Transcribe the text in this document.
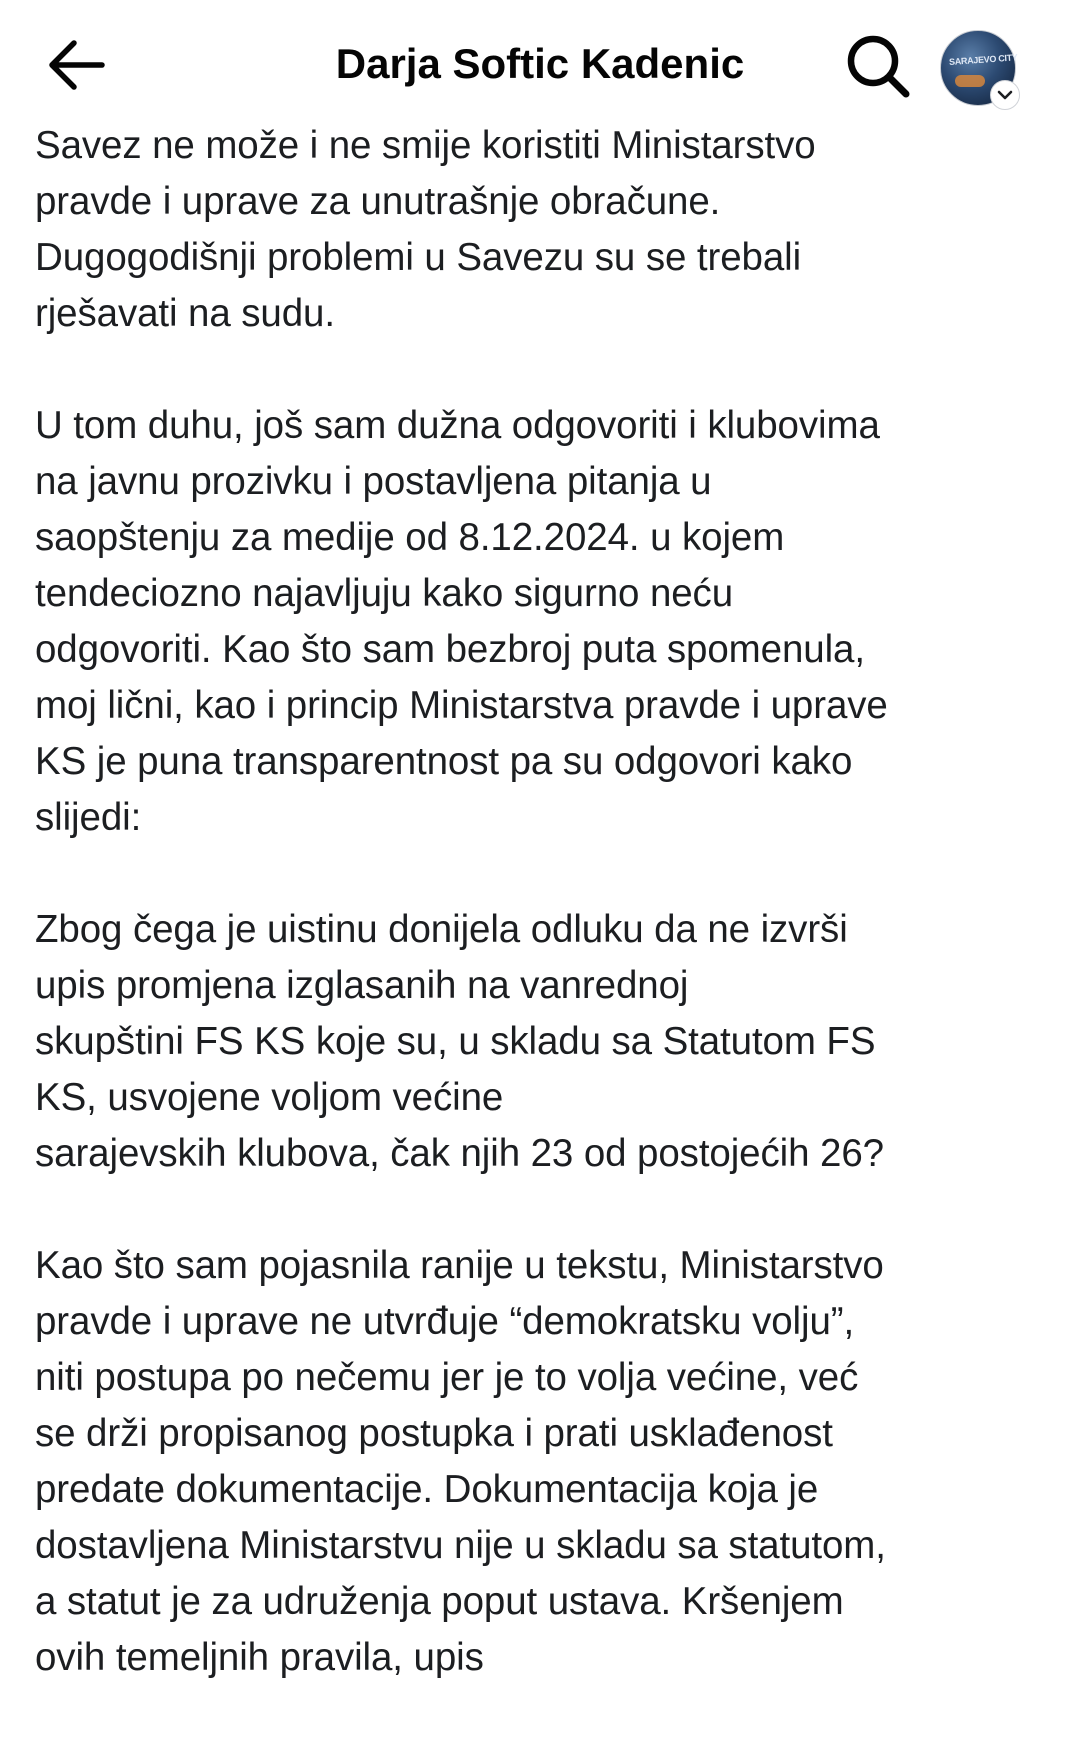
Darja Softic Kadenic	SARAJEVO CITY
Savez ne može i ne smije koristiti Ministarstvo
pravde i uprave za unutrašnje obračune.
Dugogodišnji problemi u Savezu su se trebali
rješavati na sudu.
U tom duhu, još sam dužna odgovoriti i klubovima
na javnu prozivku i postavljena pitanja u
saopštenju za medije od 8.12.2024. u kojem
tendeciozno najavljuju kako sigurno neću
odgovoriti. Kao što sam bezbroj puta spomenula,
moj lični, kao i princip Ministarstva pravde i uprave
KS je puna transparentnost pa su odgovori kako
slijedi:
Zbog čega je uistinu donijela odluku da ne izvrši
upis promjena izglasanih na vanrednoj
skupštini FS KS koje su, u skladu sa Statutom FS
KS, usvojene voljom većine
sarajevskih klubova, čak njih 23 od postojećih 26?
Kao što sam pojasnila ranije u tekstu, Ministarstvo
pravde i uprave ne utvrđuje “demokratsku volju”,
niti postupa po nečemu jer je to volja većine, već
se drži propisanog postupka i prati usklađenost
predate dokumentacije. Dokumentacija koja je
dostavljena Ministarstvu nije u skladu sa statutom,
a statut je za udruženja poput ustava. Kršenjem
ovih temeljnih pravila, upis
